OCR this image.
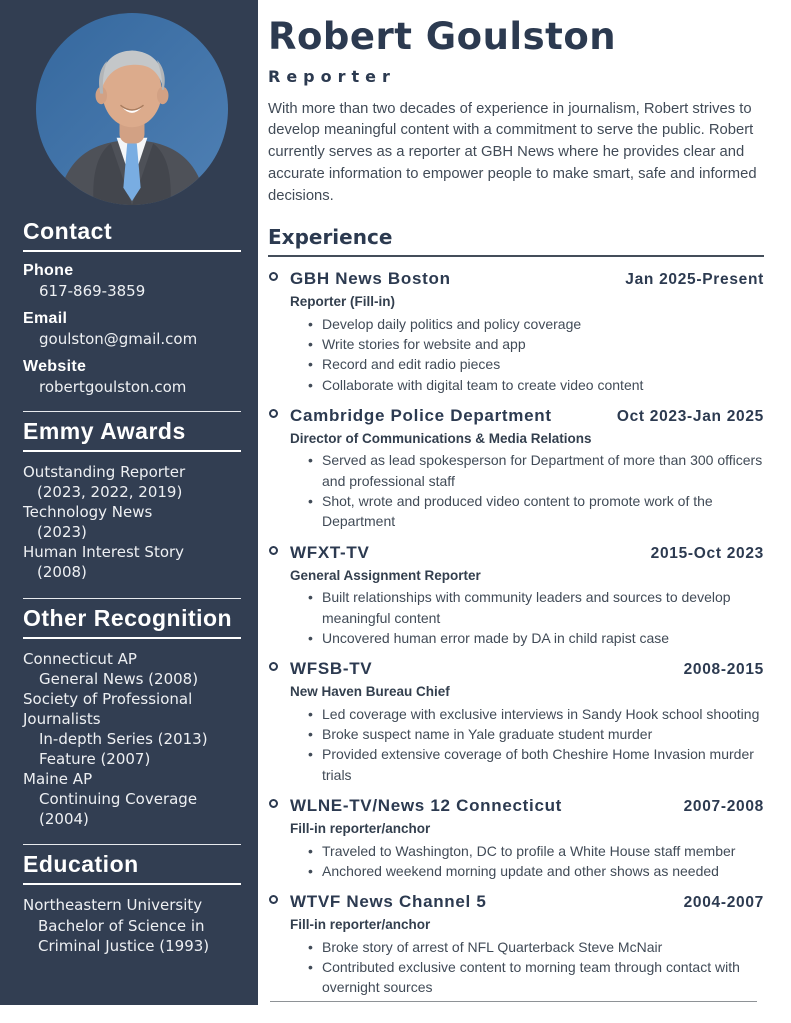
Contact
Phone
617-869-3859
Email
goulston@gmail.com
Website
robertgoulston.com
Emmy Awards
Outstanding Reporter
(2023, 2022, 2019)
Technology News
(2023)
Human Interest Story
(2008)
Other Recognition
Connecticut AP
General News (2008)
Society of Professional Journalists
In-depth Series (2013)
Feature (2007)
Maine AP
Continuing Coverage (2004)
Education
Northeastern University
Bachelor of Science in Criminal Justice (1993)
Robert Goulston
Reporter

With more than two decades of experience in journalism, Robert strives to develop meaningful content with a commitment to serve the public. Robert currently serves as a reporter at GBH News where he provides clear and accurate information to empower people to make smart, safe and informed decisions.

Experience
GBH News Boston	Jan 2025-Present
Reporter (Fill-in)
• Develop daily politics and policy coverage
• Write stories for website and app
• Record and edit radio pieces
• Collaborate with digital team to create video content
Cambridge Police Department	Oct 2023-Jan 2025
Director of Communications & Media Relations
• Served as lead spokesperson for Department of more than 300 officers and professional staff
• Shot, wrote and produced video content to promote work of the Department
WFXT-TV	2015-Oct 2023
General Assignment Reporter
• Built relationships with community leaders and sources to develop meaningful content
• Uncovered human error made by DA in child rapist case
WFSB-TV	2008-2015
New Haven Bureau Chief
• Led coverage with exclusive interviews in Sandy Hook school shooting
• Broke suspect name in Yale graduate student murder
• Provided extensive coverage of both Cheshire Home Invasion murder trials
WLNE-TV/News 12 Connecticut	2007-2008
Fill-in reporter/anchor
• Traveled to Washington, DC to profile a White House staff member
• Anchored weekend morning update and other shows as needed
WTVF News Channel 5	2004-2007
Fill-in reporter/anchor
• Broke story of arrest of NFL Quarterback Steve McNair
• Contributed exclusive content to morning team through contact with overnight sources
